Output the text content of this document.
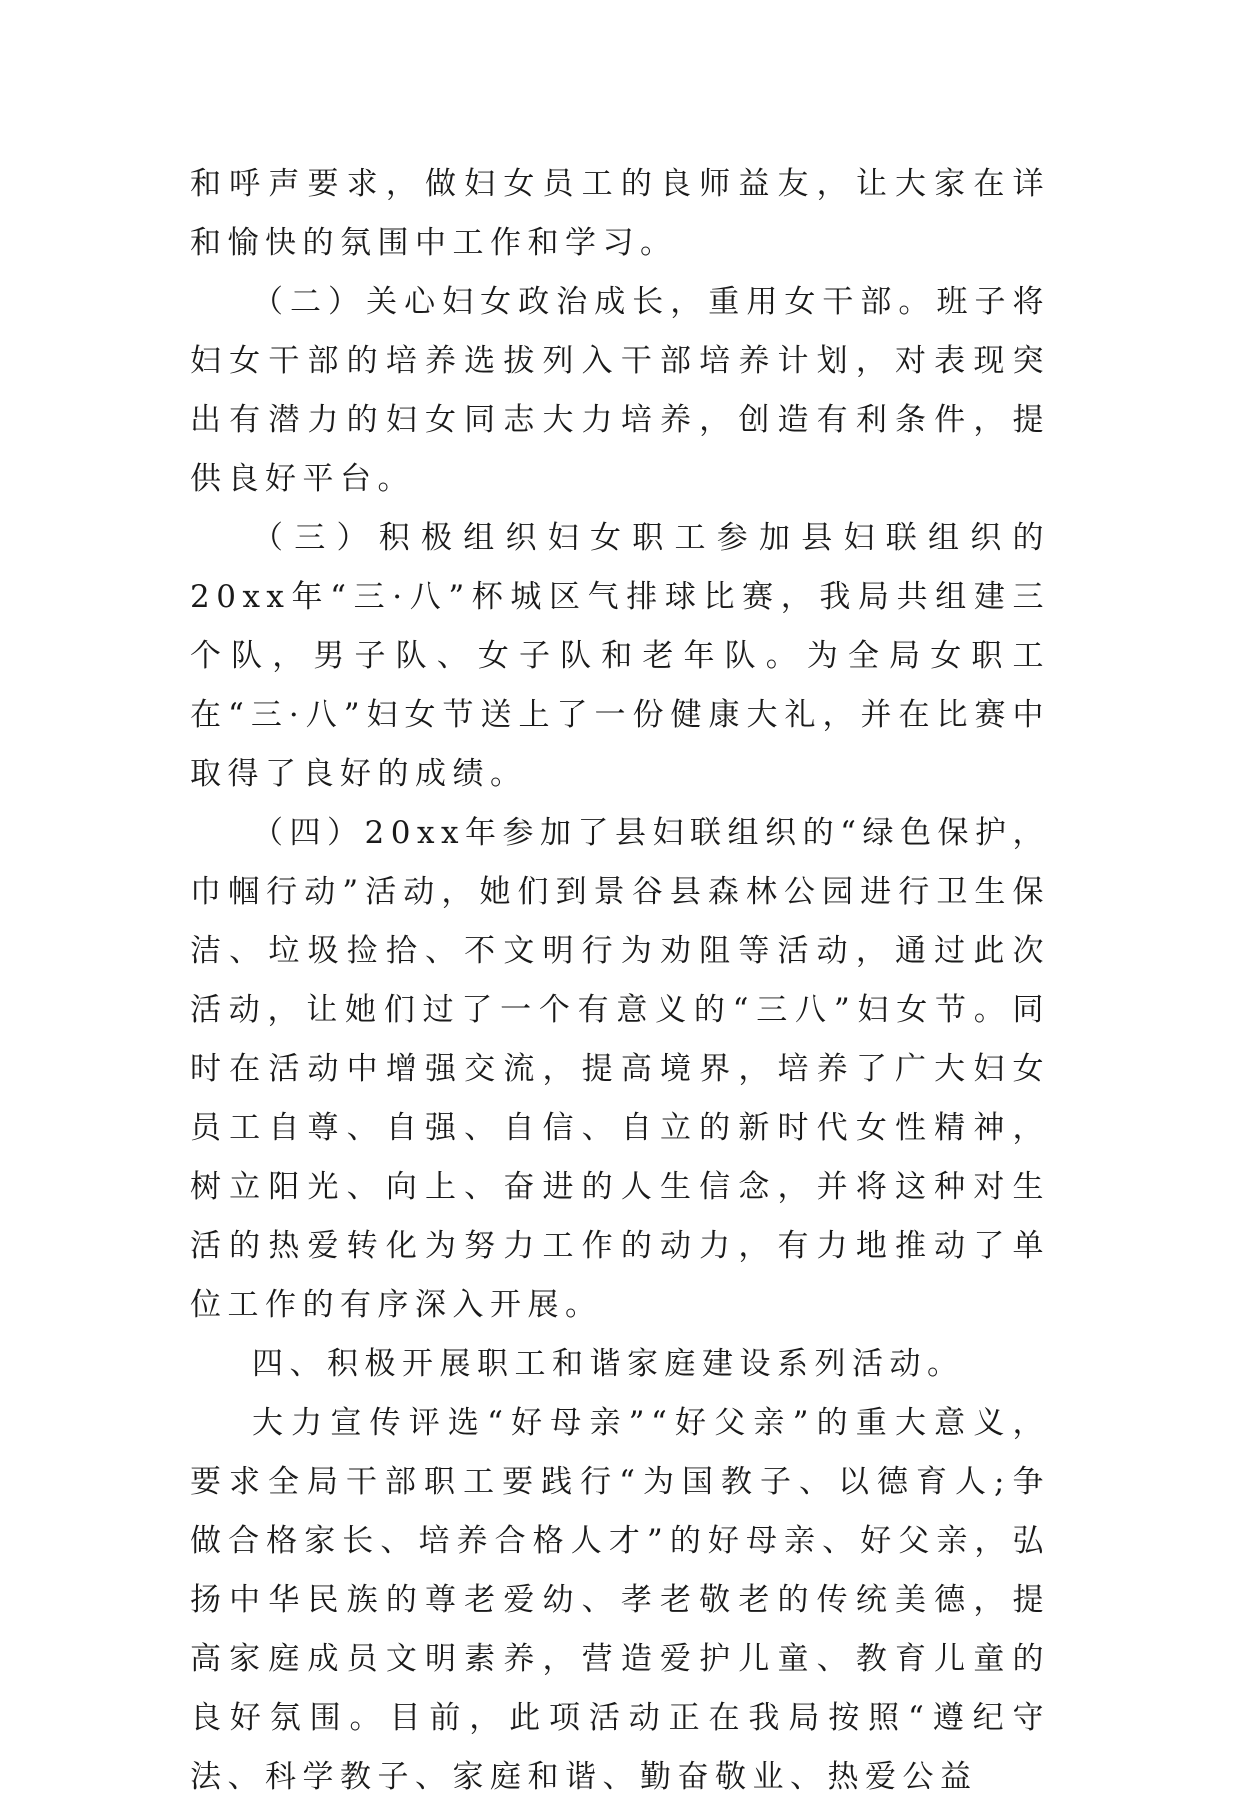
和呼声要求，做妇女员工的良师益友，让大家在详和愉快的氛围中工作和学习。

（二）关心妇女政治成长，重用女干部。班子将妇女干部的培养选拔列入干部培养计划，对表现突出有潜力的妇女同志大力培养，创造有利条件，提供良好平台。

（三）积极组织妇女职工参加县妇联组织的20xx年“三·八”杯城区气排球比赛，我局共组建三个队，男子队、女子队和老年队。为全局女职工在“三·八”妇女节送上了一份健康大礼，并在比赛中取得了良好的成绩。

（四）20xx年参加了县妇联组织的“绿色保护，巾帼行动”活动，她们到景谷县森林公园进行卫生保洁、垃圾捡拾、不文明行为劝阻等活动，通过此次活动，让她们过了一个有意义的“三八”妇女节。同时在活动中增强交流，提高境界，培养了广大妇女员工自尊、自强、自信、自立的新时代女性精神，树立阳光、向上、奋进的人生信念，并将这种对生活的热爱转化为努力工作的动力，有力地推动了单位工作的有序深入开展。

四、积极开展职工和谐家庭建设系列活动。

大力宣传评选“好母亲”“好父亲”的重大意义，要求全局干部职工要践行“为国教子、以德育人;争做合格家长、培养合格人才”的好母亲、好父亲，弘扬中华民族的尊老爱幼、孝老敬老的传统美德，提高家庭成员文明素养，营造爱护儿童、教育儿童的良好氛围。目前，此项活动正在我局按照“遵纪守法、科学教子、家庭和谐、勤奋敬业、热爱公益
